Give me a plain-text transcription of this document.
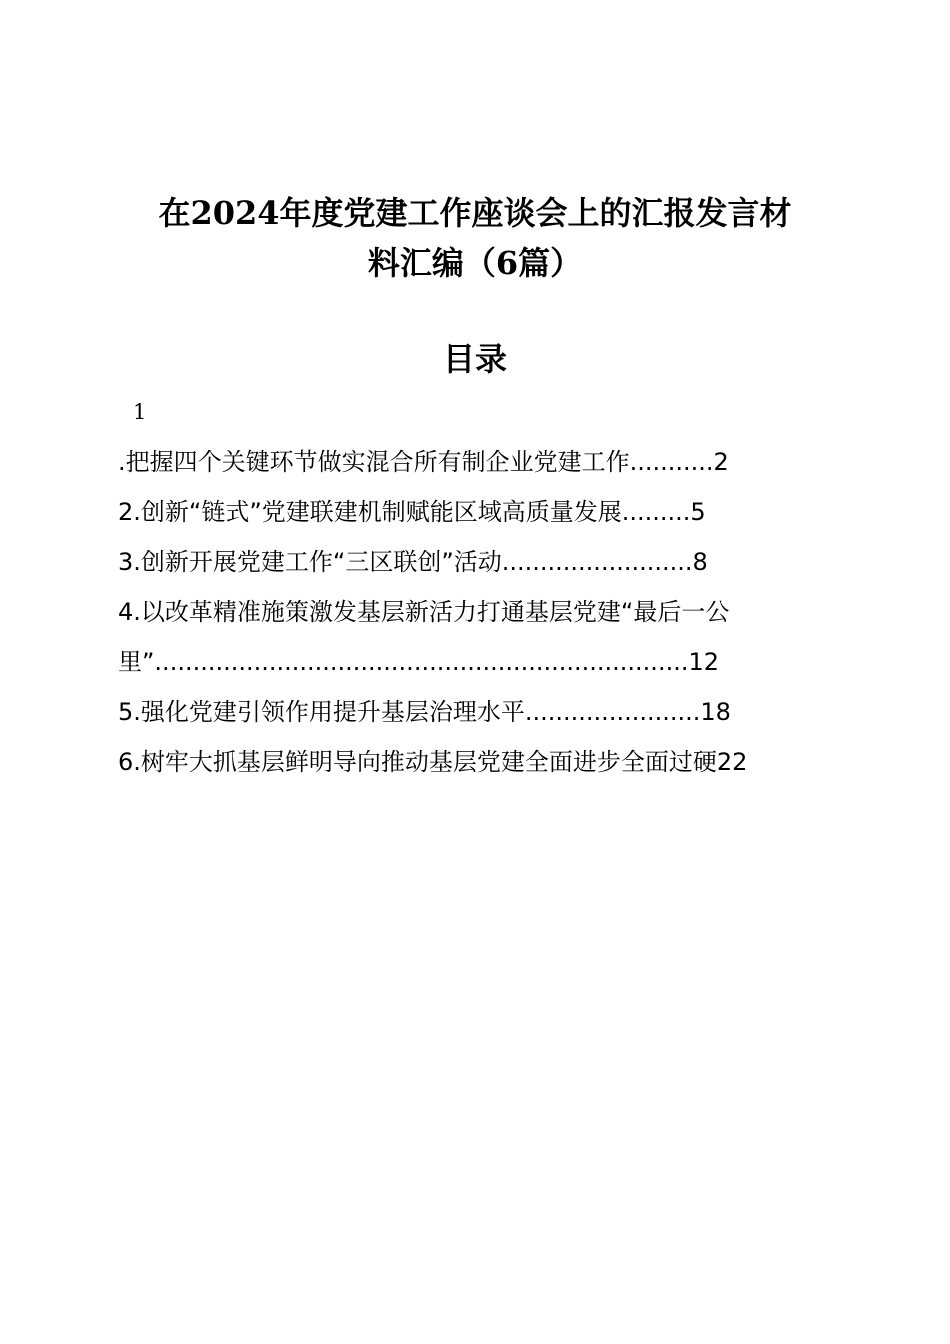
在2024年度党建工作座谈会上的汇报发言材
料汇编（6篇）
目录
1
.把握四个关键环节做实混合所有制企业党建工作...........2
2.创新“链式”党建联建机制赋能区域高质量发展.........5
3.创新开展党建工作“三区联创”活动.........................8
4.以改革精准施策激发基层新活力打通基层党建“最后一公
里”......................................................................12
5.强化党建引领作用提升基层治理水平.......................18
6.树牢大抓基层鲜明导向推动基层党建全面进步全面过硬22
